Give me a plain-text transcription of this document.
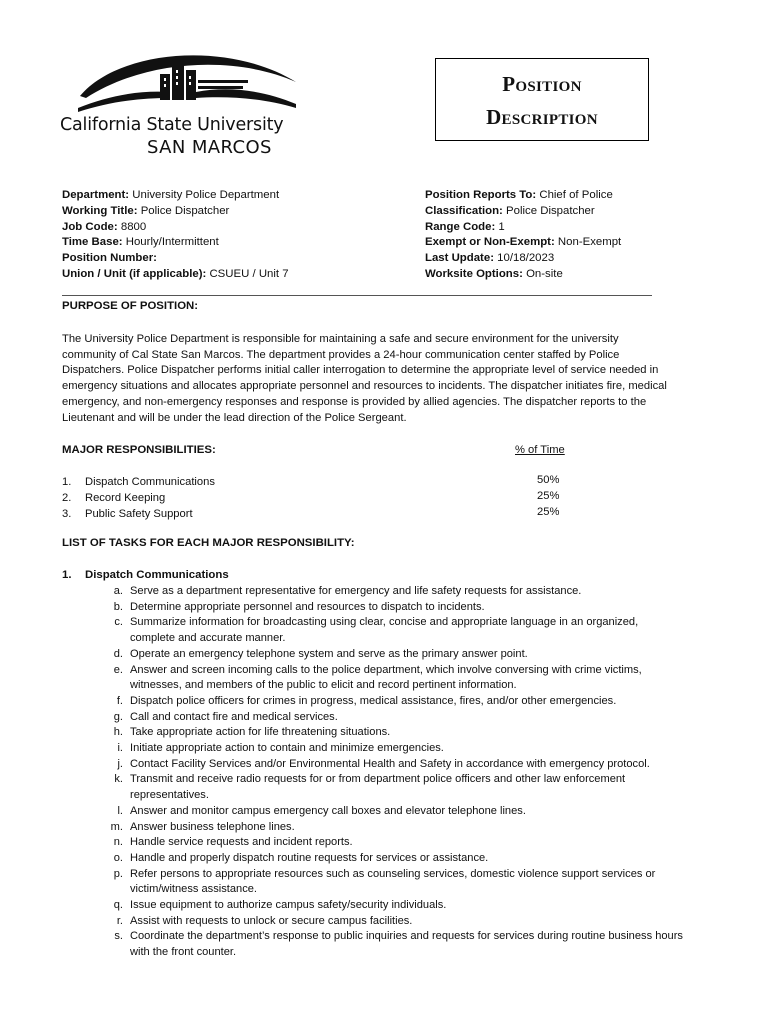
California State University
SAN MARCOS
Position
Description
Department: University Police Department
Working Title: Police Dispatcher
Job Code: 8800
Time Base: Hourly/Intermittent
Position Number:
Union / Unit (if applicable): CSUEU / Unit 7
Position Reports To: Chief of Police
Classification: Police Dispatcher
Range Code: 1
Exempt or Non-Exempt: Non-Exempt
Last Update: 10/18/2023
Worksite Options: On-site
PURPOSE OF POSITION:
The University Police Department is responsible for maintaining a safe and secure environment for the university
community of Cal State San Marcos. The department provides a 24-hour communication center staffed by Police
Dispatchers. Police Dispatcher performs initial caller interrogation to determine the appropriate level of service needed in
emergency situations and allocates appropriate personnel and resources to incidents. The dispatcher initiates fire, medical
emergency, and non-emergency responses and response is provided by allied agencies. The dispatcher reports to the
Lieutenant and will be under the lead direction of the Police Sergeant.
MAJOR RESPONSIBILITIES:	% of Time
1. Dispatch Communications	50%
2. Record Keeping	25%
3. Public Safety Support	25%
LIST OF TASKS FOR EACH MAJOR RESPONSIBILITY:
1. Dispatch Communications
a. Serve as a department representative for emergency and life safety requests for assistance.
b. Determine appropriate personnel and resources to dispatch to incidents.
c. Summarize information for broadcasting using clear, concise and appropriate language in an organized,
complete and accurate manner.
d. Operate an emergency telephone system and serve as the primary answer point.
e. Answer and screen incoming calls to the police department, which involve conversing with crime victims,
witnesses, and members of the public to elicit and record pertinent information.
f. Dispatch police officers for crimes in progress, medical assistance, fires, and/or other emergencies.
g. Call and contact fire and medical services.
h. Take appropriate action for life threatening situations.
i. Initiate appropriate action to contain and minimize emergencies.
j. Contact Facility Services and/or Environmental Health and Safety in accordance with emergency protocol.
k. Transmit and receive radio requests for or from department police officers and other law enforcement
representatives.
l. Answer and monitor campus emergency call boxes and elevator telephone lines.
m. Answer business telephone lines.
n. Handle service requests and incident reports.
o. Handle and properly dispatch routine requests for services or assistance.
p. Refer persons to appropriate resources such as counseling services, domestic violence support services or
victim/witness assistance.
q. Issue equipment to authorize campus safety/security individuals.
r. Assist with requests to unlock or secure campus facilities.
s. Coordinate the department’s response to public inquiries and requests for services during routine business hours
with the front counter.
